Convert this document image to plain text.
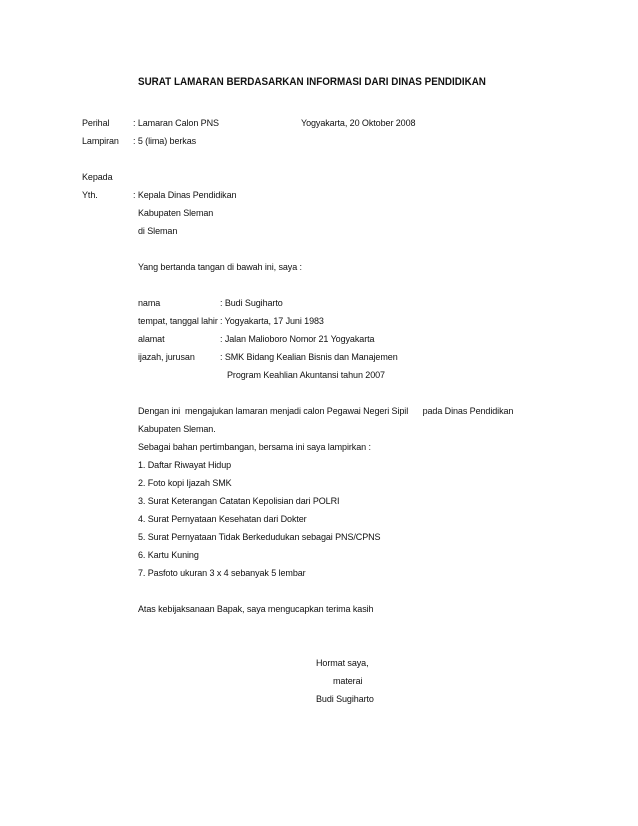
SURAT LAMARAN BERDASARKAN INFORMASI DARI DINAS PENDIDIKAN
Perihal : Lamaran Calon PNS	Yogyakarta, 20 Oktober 2008
Lampiran : 5 (lima) berkas
Kepada
Yth.	: Kepala Dinas Pendidikan
Kabupaten Sleman
di Sleman
Yang bertanda tangan di bawah ini, saya :
nama	: Budi Sugiharto
tempat, tanggal lahir : Yogyakarta, 17 Juni 1983
alamat	: Jalan Malioboro Nomor 21 Yogyakarta
ijazah, jurusan	: SMK Bidang Kealian Bisnis dan Manajemen
Program Keahlian Akuntansi tahun 2007
Dengan ini  mengajukan lamaran menjadi calon Pegawai Negeri Sipil      pada Dinas Pendidikan
Kabupaten Sleman.
Sebagai bahan pertimbangan, bersama ini saya lampirkan :
1. Daftar Riwayat Hidup
2. Foto kopi Ijazah SMK
3. Surat Keterangan Catatan Kepolisian dari POLRI
4. Surat Pernyataan Kesehatan dari Dokter
5. Surat Pernyataan Tidak Berkedudukan sebagai PNS/CPNS
6. Kartu Kuning
7. Pasfoto ukuran 3 x 4 sebanyak 5 lembar
Atas kebijaksanaan Bapak, saya mengucapkan terima kasih
Hormat saya,
materai
Budi Sugiharto
